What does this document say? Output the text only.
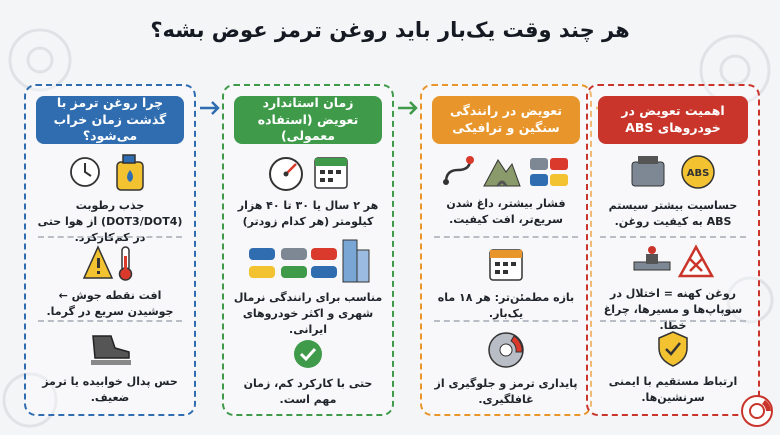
هر چند وقت یک‌بار باید روغن ترمز عوض بشه؟
چرا روغن ترمز با گذشت زمان خراب می‌شود؟
جذب رطوبت (DOT3/DOT4) از هوا حتی در کم‌کارکرد.
افت نقطه جوش ← جوشیدن سریع در گرما.
حس پدال خوابیده یا ترمز ضعیف.
زمان استاندارد تعویض (استفاده معمولی)
هر ۲ سال یا ۳۰ تا ۴۰ هزار کیلومتر (هر کدام زودتر)
مناسب برای رانندگی نرمال شهری و اکثر خودروهای ایرانی.
حتی با کارکرد کم، زمان مهم است.
تعویض در رانندگی سنگین و ترافیکی
فشار بیشتر، داغ شدن سریع‌تر، افت کیفیت.
بازه مطمئن‌تر: هر ۱۸ ماه یک‌بار.
پایداری ترمز و جلوگیری از غافلگیری.
اهمیت تعویض در خودروهای ABS
ABS
حساسیت بیشتر سیستم ABS به کیفیت روغن.
روغن کهنه = اختلال در سوپاپ‌ها و مسیرها، چراغ خطا.
ارتباط مستقیم با ایمنی سرنشین‌ها.
